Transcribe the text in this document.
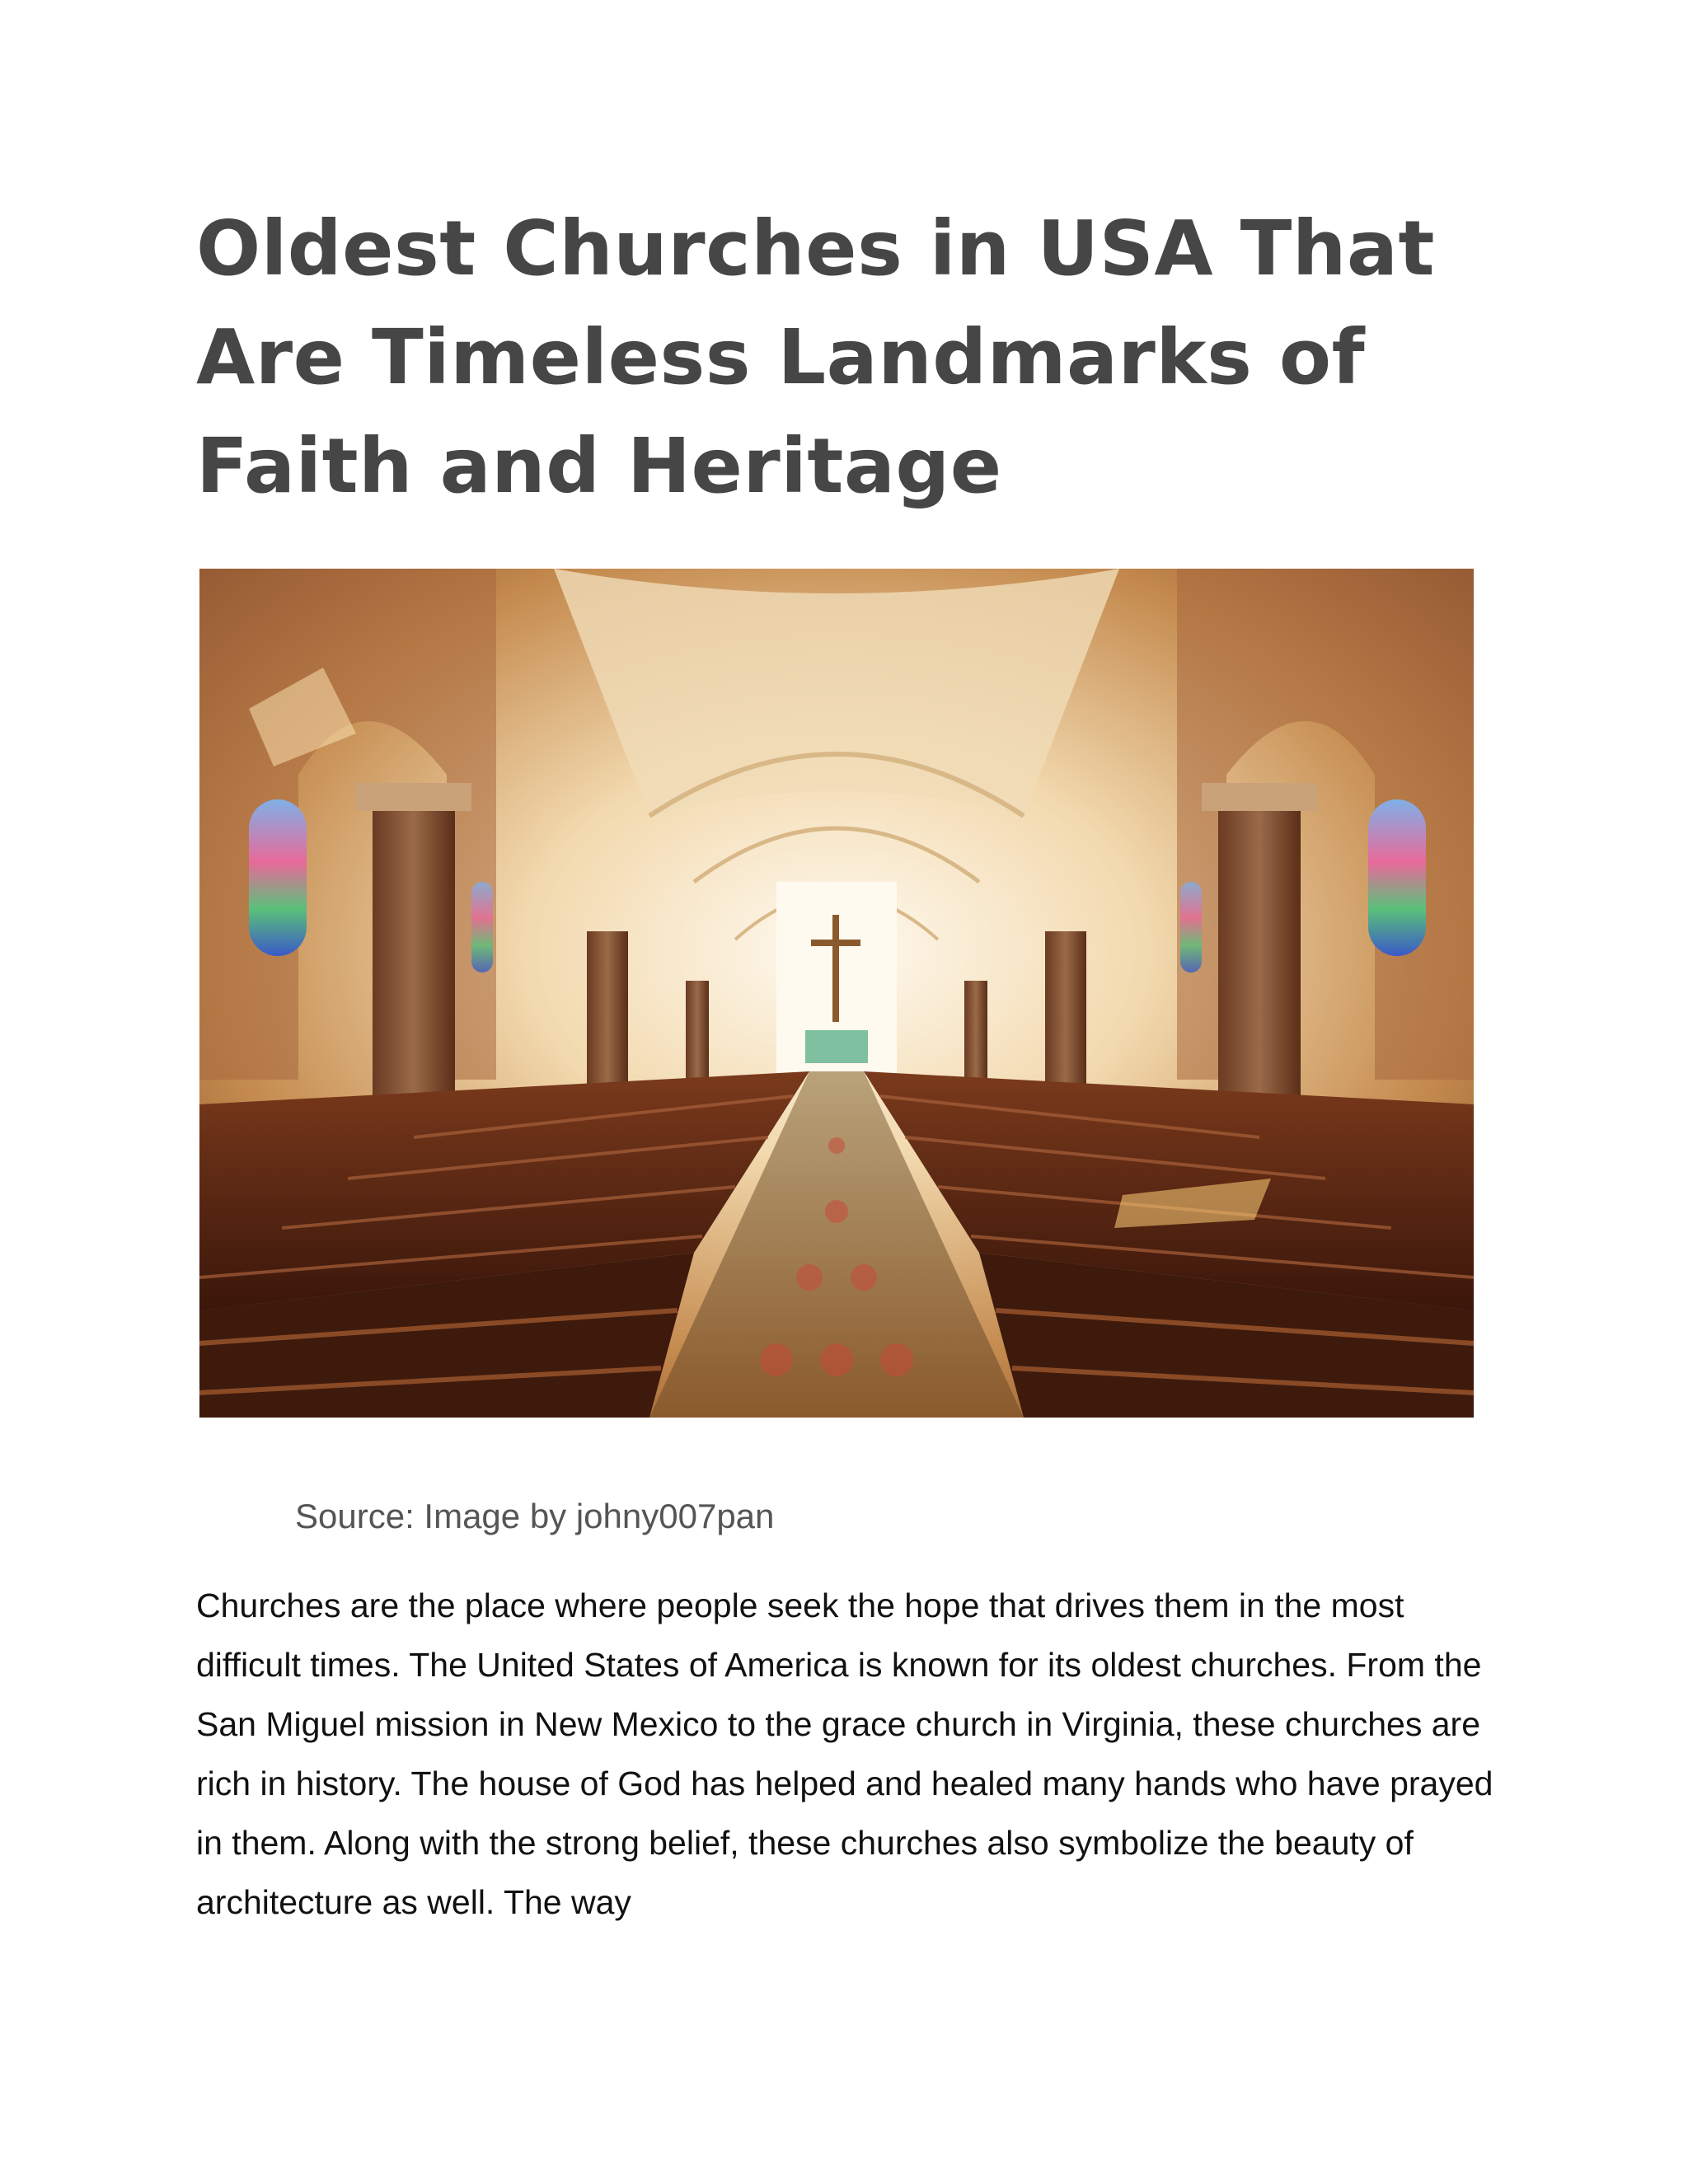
Oldest Churches in USA That Are Timeless Landmarks of Faith and Heritage

Source: Image by johny007pan

Churches are the place where people seek the hope that drives them in the most difficult times. The United States of America is known for its oldest churches. From the San Miguel mission in New Mexico to the grace church in Virginia, these churches are rich in history. The house of God has helped and healed many hands who have prayed in them. Along with the strong belief, these churches also symbolize the beauty of architecture as well. The way
